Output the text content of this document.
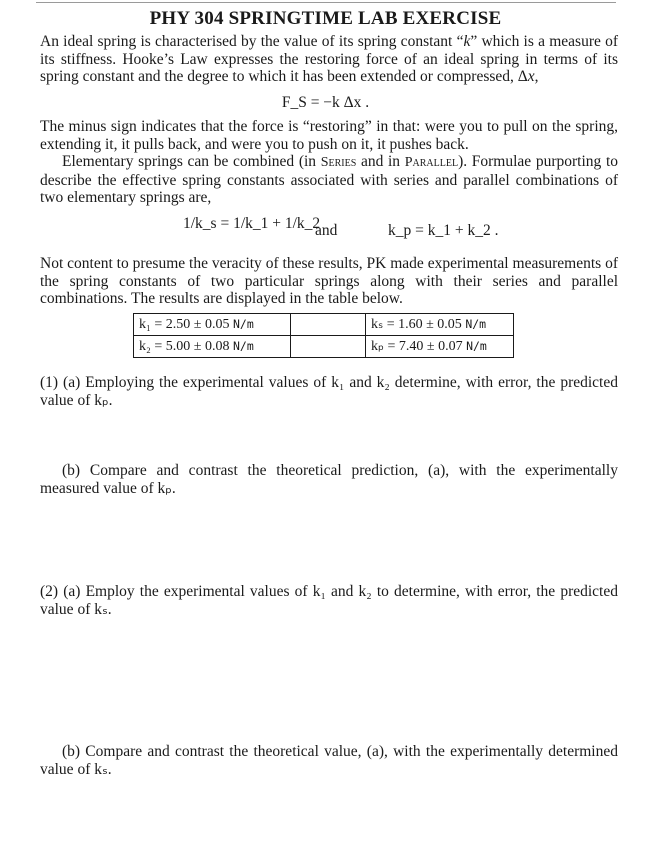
PHY 304 SPRINGTIME LAB EXERCISE
An ideal spring is characterised by the value of its spring constant “k” which is a measure of its stiffness. Hooke’s Law expresses the restoring force of an ideal spring in terms of its spring constant and the degree to which it has been extended or compressed, Δx,
F_S = −k Δx .
The minus sign indicates that the force is “restoring” in that: were you to pull on the spring, extending it, it pulls back, and were you to push on it, it pushes back.
Elementary springs can be combined (in Series and in Parallel). Formulae purporting to describe the effective spring constants associated with series and parallel combinations of two elementary springs are,
1/k_s = 1/k_1 + 1/k_2
and	k_p = k_1 + k_2 .
Not content to presume the veracity of these results, PK made experimental measurements of the spring constants of two particular springs along with their series and parallel combinations. The results are displayed in the table below.
k₁ = 2.50 ± 0.05 N/m		kₛ = 1.60 ± 0.05 N/m
k₂ = 5.00 ± 0.08 N/m		kₚ = 7.40 ± 0.07 N/m
(1) (a) Employing the experimental values of k₁ and k₂ determine, with error, the predicted value of kₚ.
(b) Compare and contrast the theoretical prediction, (a), with the experimentally measured value of kₚ.
(2) (a) Employ the experimental values of k₁ and k₂ to determine, with error, the predicted value of kₛ.
(b) Compare and contrast the theoretical value, (a), with the experimentally determined value of kₛ.
